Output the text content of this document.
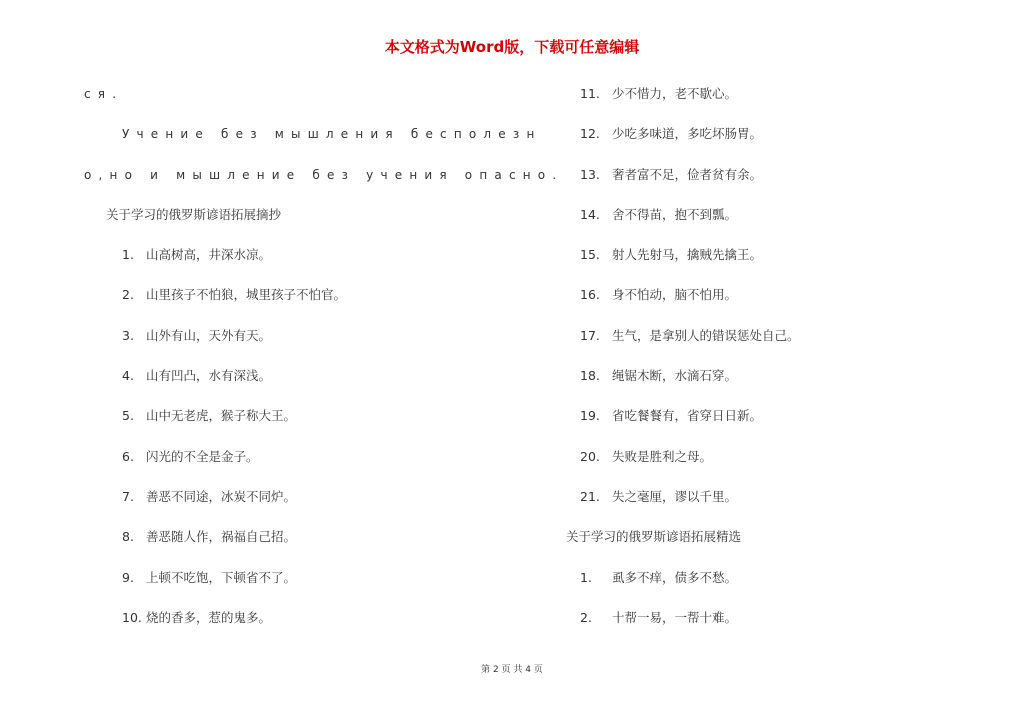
本文格式为Word版，下载可任意编辑
ся.
Учение без мышления бесполезн
о,но и мышление без учения опасно.
关于学习的俄罗斯谚语拓展摘抄
1. 山高树高，井深水凉。
2. 山里孩子不怕狼，城里孩子不怕官。
3. 山外有山，天外有天。
4. 山有凹凸，水有深浅。
5. 山中无老虎，猴子称大王。
6. 闪光的不全是金子。
7. 善恶不同途，冰炭不同炉。
8. 善恶随人作，祸福自己招。
9. 上顿不吃饱，下顿省不了。
10. 烧的香多，惹的鬼多。
11. 少不惜力，老不歇心。
12. 少吃多味道，多吃坏肠胃。
13. 奢者富不足，俭者贫有余。
14. 舍不得苗，抱不到瓢。
15. 射人先射马，擒贼先擒王。
16. 身不怕动，脑不怕用。
17. 生气，是拿别人的错误惩处自己。
18. 绳锯木断，水滴石穿。
19. 省吃餐餐有，省穿日日新。
20. 失败是胜利之母。
21. 失之毫厘，谬以千里。
关于学习的俄罗斯谚语拓展精选
1. 虱多不痒，债多不愁。
2. 十帮一易，一帮十难。
第 2 页 共 4 页
